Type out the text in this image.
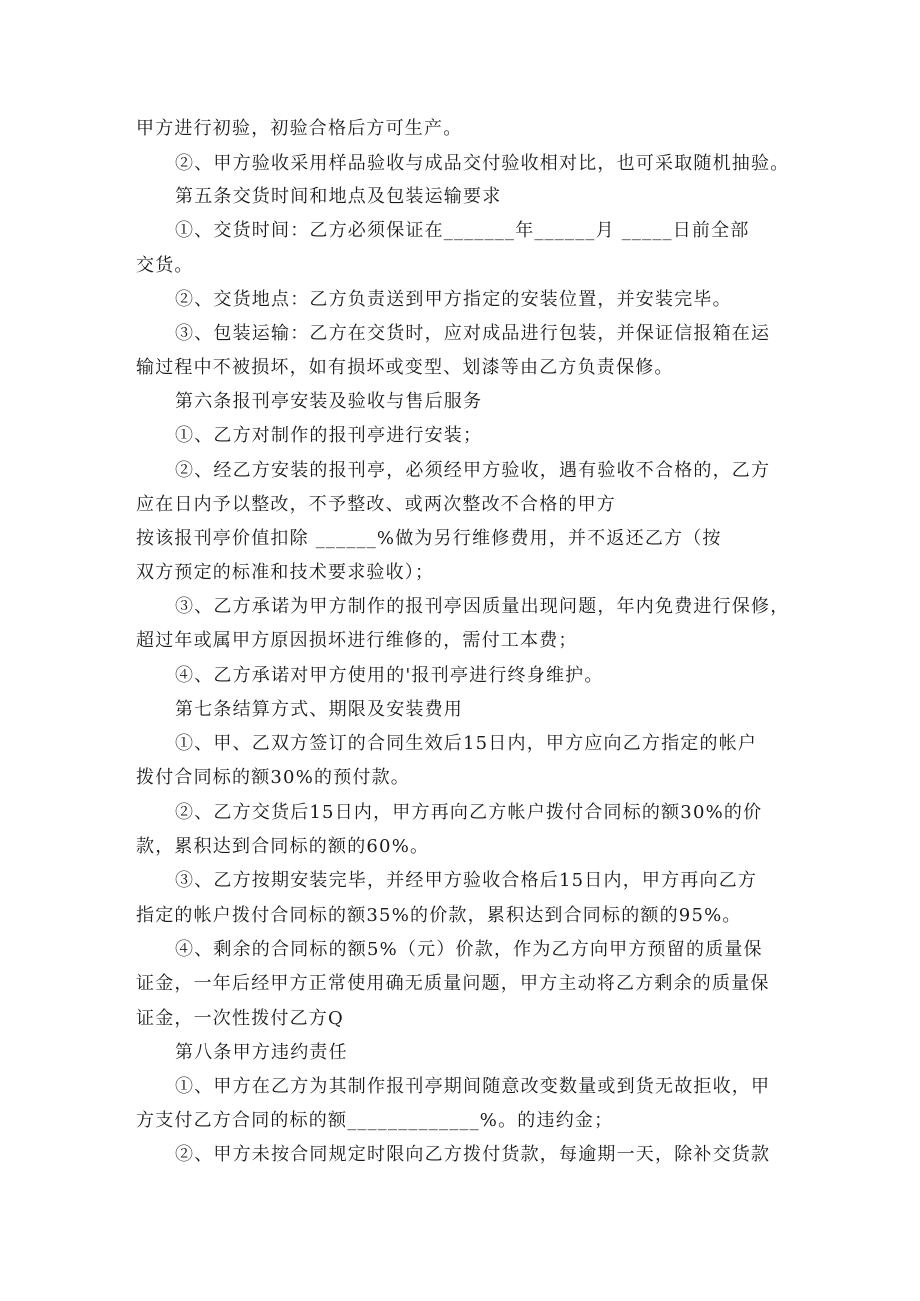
甲方进行初验，初验合格后方可生产。
②、甲方验收采用样品验收与成品交付验收相对比，也可采取随机抽验。
第五条交货时间和地点及包装运输要求
①、交货时间：乙方必须保证在_______年______月 _____日前全部
交货。
②、交货地点：乙方负责送到甲方指定的安装位置，并安装完毕。
③、包装运输：乙方在交货时，应对成品进行包装，并保证信报箱在运
输过程中不被损坏，如有损坏或变型、划漆等由乙方负责保修。
第六条报刊亭安装及验收与售后服务
①、乙方对制作的报刊亭进行安装；
②、经乙方安装的报刊亭，必须经甲方验收，遇有验收不合格的，乙方
应在日内予以整改，不予整改、或两次整改不合格的甲方
按该报刊亭价值扣除 ______%做为另行维修费用，并不返还乙方（按
双方预定的标准和技术要求验收）；
③、乙方承诺为甲方制作的报刊亭因质量出现问题，年内免费进行保修，
超过年或属甲方原因损坏进行维修的，需付工本费；
④、乙方承诺对甲方使用的'报刊亭进行终身维护。
第七条结算方式、期限及安装费用
①、甲、乙双方签订的合同生效后15日内，甲方应向乙方指定的帐户
拨付合同标的额30%的预付款。
②、乙方交货后15日内，甲方再向乙方帐户拨付合同标的额30%的价
款，累积达到合同标的额的60%。
③、乙方按期安装完毕，并经甲方验收合格后15日内，甲方再向乙方
指定的帐户拨付合同标的额35%的价款，累积达到合同标的额的95%。
④、剩余的合同标的额5%（元）价款，作为乙方向甲方预留的质量保
证金，一年后经甲方正常使用确无质量问题，甲方主动将乙方剩余的质量保
证金，一次性拨付乙方Q
第八条甲方违约责任
①、甲方在乙方为其制作报刊亭期间随意改变数量或到货无故拒收，甲
方支付乙方合同的标的额_____________%。的违约金；
②、甲方未按合同规定时限向乙方拨付货款，每逾期一天，除补交货款
